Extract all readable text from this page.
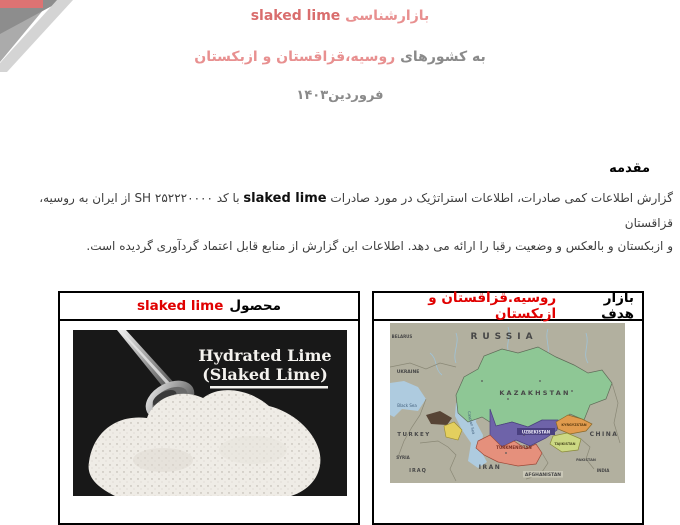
بازارشناسی slaked lime
به کشورهای روسیه،قزاقستان و ازبکستان
فروردین۱۴۰۳
مقدمه

گزارش اطلاعات کمی صادرات، اطلاعات استراتژیک در مورد صادرات slaked lime با کد SH ۲۵۲۲۲۰۰۰۰ از ایران به روسیه، قزاقستان
و ازبکستان و بالعکس و وضعیت رقبا را ارائه می دهد. اطلاعات این گزارش از منابع قابل اعتماد گردآوری گردیده است.

محصول
slaked lime
Hydrated Lime
(Slaked Lime)
بازار هدف
روسیه.قزاقستان و ازبکستان
RUSSIA
KAZAKHSTAN
UZBEKISTAN
TURKMENISTAN
KYRGYZSTAN
TAJIKISTAN
TURKEY
UKRAINE
BELARUS
SYRIA
IRAQ	IRAN
AFGHANISTAN
PAKISTAN
INDIA
CHINA
Black Sea
Caspian Sea
